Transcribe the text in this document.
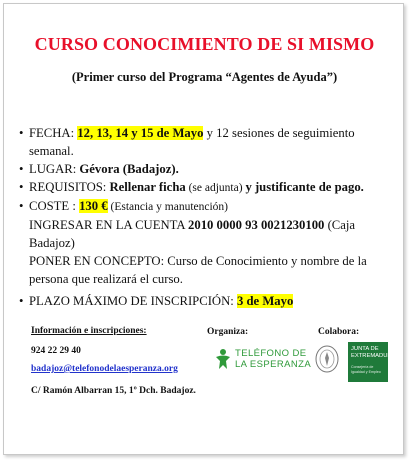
CURSO CONOCIMIENTO DE SI MISMO
(Primer curso del Programa “Agentes de Ayuda”)
• FECHA: 12, 13, 14 y 15 de Mayo y 12 sesiones de seguimiento semanal.
• LUGAR: Gévora (Badajoz).
• REQUISITOS: Rellenar ficha (se adjunta) y justificante de pago.
• COSTE : 130 € (Estancia y manutención)
INGRESAR EN LA CUENTA 2010 0000 93 0021230100 (Caja Badajoz)
PONER EN CONCEPTO: Curso de Conocimiento y nombre de la persona que realizará el curso.
• PLAZO MÁXIMO DE INSCRIPCIÓN: 3 de Mayo
Información e inscripciones:
924 22 29 40
badajoz@telefonodelaesperanza.org
C/ Ramón Albarran 15, 1º Dch. Badajoz.
Organiza:
TELÉFONO DE
LA ESPERANZA
Colabora:
JUNTA DE
EXTREMADURA
Consejería de Igualdad y Empleo
